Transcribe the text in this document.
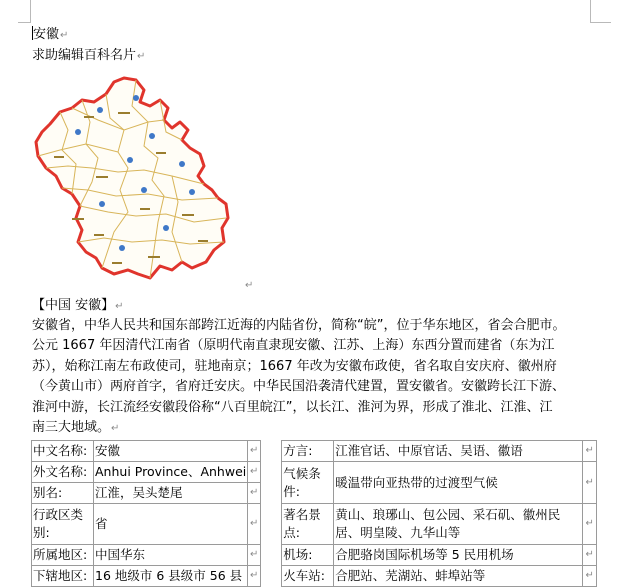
安徽↵
求助编辑百科名片↵
↵
【中国 安徽】↵
安徽省，中华人民共和国东部跨江近海的内陆省份，简称“皖”，位于华东地区，省会合肥市。
公元 1667 年因清代江南省（原明代南直隶现安徽、江苏、上海）东西分置而建省（东为江
苏），始称江南左布政使司，驻地南京；1667 年改为安徽布政使，省名取自安庆府、徽州府
（今黄山市）两府首字，省府迁安庆。中华民国沿袭清代建置，置安徽省。安徽跨长江下游、
淮河中游，长江流经安徽段俗称“八百里皖江”，以长江、淮河为界，形成了淮北、江淮、江
南三大地域。↵
中文名称:	安徽	↵		方言:	江淮官话、中原官话、吴语、徽语	↵
外文名称:	Anhui Province、Anhwei	↵		气候条件:	暖温带向亚热带的过渡型气候	↵
别名:	江淮，吴头楚尾	↵				
行政区类别:	省	↵		著名景点:	黄山、琅琊山、包公园、采石矶、徽州民居、明皇陵、九华山等	↵
所属地区:	中国华东	↵		机场:	合肥骆岗国际机场等 5 民用机场	↵
下辖地区:	16 地级市 6 县级市 56 县	↵		火车站:	合肥站、芜湖站、蚌埠站等	↵
